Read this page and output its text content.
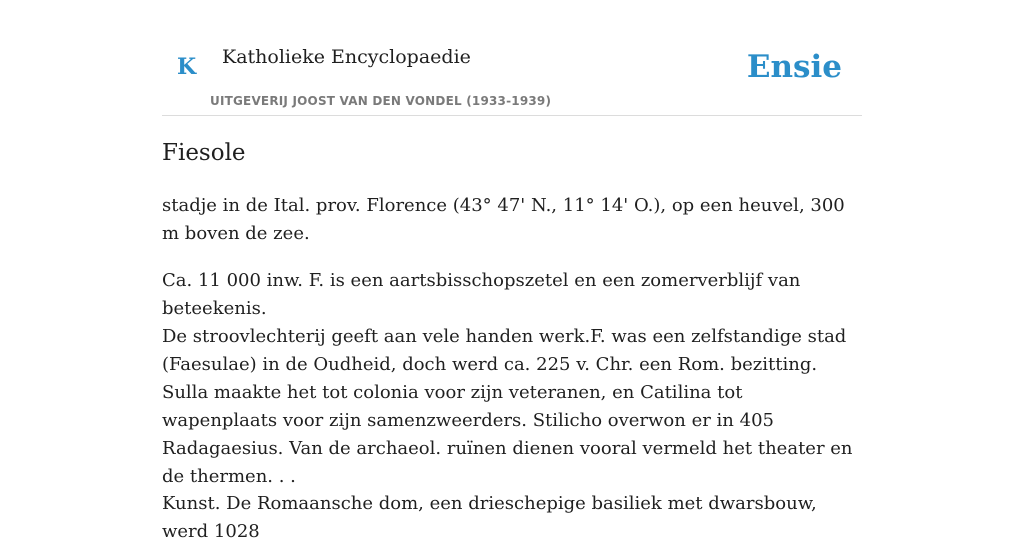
K Katholieke Encyclopaedie
UITGEVERIJ JOOST VAN DEN VONDEL (1933-1939)
Ensie
Fiesole

stadje in de Ital. prov. Florence (43° 47' N., 11° 14' O.), op een heuvel, 300 m boven de zee.

Ca. 11 000 inw. F. is een aartsbisschopszetel en een zomerverblijf van beteekenis.

De stroovlechterij geeft aan vele handen werk.F. was een zelfstandige stad (Faesulae) in de Oudheid, doch werd ca. 225 v. Chr. een Rom. bezitting. Sulla maakte het tot colonia voor zijn veteranen, en Catilina tot wapenplaats voor zijn samenzweerders. Stilicho overwon er in 405 Radagaesius. Van de archaeol. ruïnen dienen vooral vermeld het theater en de thermen. . .

Kunst. De Romaansche dom, een drieschepige basiliek met dwarsbouw, werd 1028
